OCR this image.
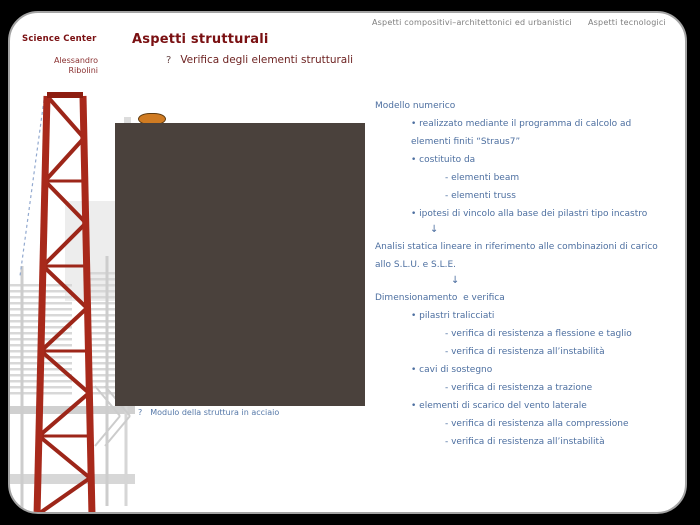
Aspetti compositivi–architettonici ed urbanistici Aspetti tecnologici
Science Center
Alessandro
Ribolini
Aspetti strutturali
? Verifica degli elementi strutturali
? Modulo della struttura in acciaio
Modello numerico
• realizzato mediante il programma di calcolo ad elementi finiti “Straus7”
• costituito da
- elementi beam
- elementi truss
• ipotesi di vincolo alla base dei pilastri tipo incastro
↓
Analisi statica lineare in riferimento alle combinazioni di carico allo S.L.U. e S.L.E.
↓
Dimensionamento  e verifica
• pilastri tralicciati
- verifica di resistenza a flessione e taglio
- verifica di resistenza all’instabilità
• cavi di sostegno
- verifica di resistenza a trazione
• elementi di scarico del vento laterale
- verifica di resistenza alla compressione
- verifica di resistenza all’instabilità
